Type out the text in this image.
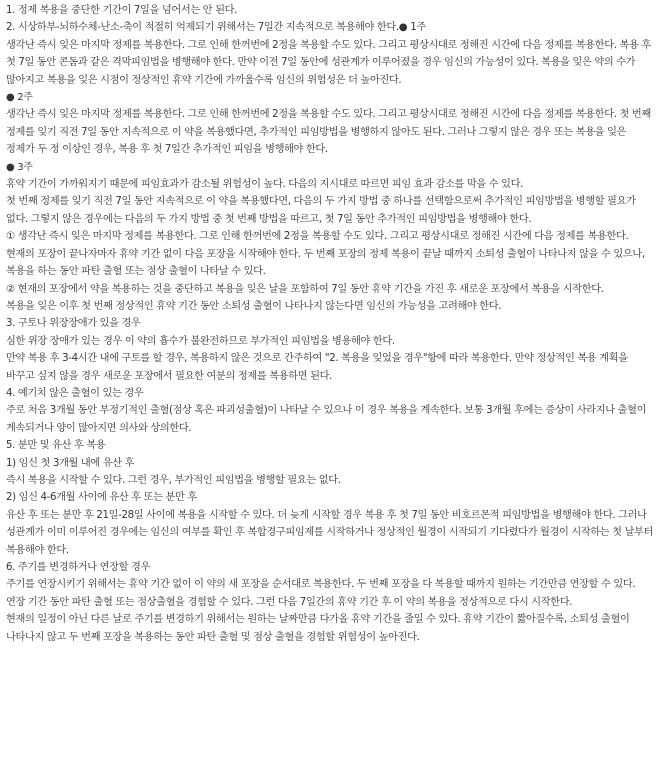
1. 정제 복용을 중단한 기간이 7일을 넘어서는 안 된다.

2. 시상하부-뇌하수체-난소-축이 적절히 억제되기 위해서는 7일간 지속적으로 복용해야 한다.● 1주

생각난 즉시 잊은 마지막 정제를 복용한다. 그로 인해 한꺼번에 2정을 복용할 수도 있다. 그리고 평상시대로 정해진 시간에 다음 정제를 복용한다. 복용 후 첫 7일 동안 콘돔과 같은 격막피임법을 병행해야 한다. 만약 이전 7일 동안에 성관계가 이루어졌을 경우 임신의 가능성이 있다. 복용을 잊은 약의 수가 많아지고 복용을 잊은 시점이 정상적인 휴약 기간에 가까울수록 임신의 위험성은 더 높아진다.

● 2주

생각난 즉시 잊은 마지막 정제를 복용한다. 그로 인해 한꺼번에 2정을 복용할 수도 있다. 그리고 평상시대로 정해진 시간에 다음 정제를 복용한다. 첫 번째 정제를 잊기 직전 7일 동안 지속적으로 이 약을 복용했다면, 추가적인 피임방법을 병행하지 않아도 된다. 그러나 그렇지 않은 경우 또는 복용을 잊은 정제가 두 정 이상인 경우, 복용 후 첫 7일간 추가적인 피임을 병행해야 한다.

● 3주

휴약 기간이 가까워지기 때문에 피임효과가 감소될 위험성이 높다. 다음의 지시대로 따르면 피임 효과 감소를 막을 수 있다.

첫 번째 정제를 잊기 직전 7일 동안 지속적으로 이 약을 복용했다면, 다음의 두 가지 방법 중 하나를 선택함으로써 추가적인 피임방법을 병행할 필요가 없다. 그렇지 않은 경우에는 다음의 두 가지 방법 중 첫 번째 방법을 따르고, 첫 7일 동안 추가적인 피임방법을 병행해야 한다.

① 생각난 즉시 잊은 마지막 정제를 복용한다. 그로 인해 한꺼번에 2정을 복용할 수도 있다. 그리고 평상시대로 정해진 시간에 다음 정제를 복용한다. 현재의 포장이 끝나자마자 휴약 기간 없이 다음 포장을 시작해야 한다. 두 번째 포장의 정제 복용이 끝날 때까지 소퇴성 출혈이 나타나지 않을 수 있으나, 복용을 하는 동안 파탄 출혈 또는 점상 출혈이 나타날 수 있다.

② 현재의 포장에서 약을 복용하는 것을 중단하고 복용을 잊은 날을 포함하여 7일 동안 휴약 기간을 가진 후 새로운 포장에서 복용을 시작한다.

복용을 잊은 이후 첫 번째 정상적인 휴약 기간 동안 소퇴성 출혈이 나타나지 않는다면 임신의 가능성을 고려해야 한다.

3. 구토나 위장장애가 있을 경우

심한 위장 장애가 있는 경우 이 약의 흡수가 불완전하므로 부가적인 피임법을 병용해야 한다.

만약 복용 후 3-4시간 내에 구토를 할 경우, 복용하지 않은 것으로 간주하여 "2. 복용을 잊었을 경우"항에 따라 복용한다. 만약 정상적인 복용 계획을 바꾸고 싶지 않을 경우 새로운 포장에서 필요한 여분의 정제를 복용하면 된다.

4. 예기치 않은 출혈이 있는 경우

주로 처음 3개월 동안 부정기적인 출혈(점상 혹은 파괴성출혈)이 나타날 수 있으나 이 경우 복용을 계속한다. 보통 3개월 후에는 증상이 사라지나 출혈이 계속되거나 양이 많아지면 의사와 상의한다.

5. 분만 및 유산 후 복용

1) 임신 첫 3개월 내에 유산 후

즉시 복용을 시작할 수 있다. 그런 경우, 부가적인 피임법을 병행할 필요는 없다.

2) 임신 4-6개월 사이에 유산 후 또는 분만 후

유산 후 또는 분만 후 21일-28일 사이에 복용을 시작할 수 있다. 더 늦게 시작할 경우 복용 후 첫 7일 동안 비호르몬적 피임방법을 병행해야 한다. 그러나 성관계가 이미 이루어진 경우에는 임신의 여부를 확인 후 복합경구피임제를 시작하거나 정상적인 월경이 시작되기 기다렸다가 월경이 시작하는 첫 날부터 복용해야 한다.

6. 주기를 변경하거나 연장할 경우

주기를 연장시키기 위해서는 휴약 기간 없이 이 약의 새 포장을 순서대로 복용한다. 두 번째 포장을 다 복용할 때까지 원하는 기간만큼 연장할 수 있다. 연장 기간 동안 파탄 출혈 또는 점상출혈을 경험할 수 있다. 그런 다음 7일간의 휴약 기간 후 이 약의 복용을 정상적으로 다시 시작한다.

현재의 일정이 아닌 다른 날로 주기를 변경하기 위해서는 원하는 날짜만큼 다가올 휴약 기간을 줄일 수 있다. 휴약 기간이 짧아질수록, 소퇴성 출혈이 나타나지 않고 두 번째 포장을 복용하는 동안 파탄 출혈 및 점상 출혈을 경험할 위험성이 높아진다.
